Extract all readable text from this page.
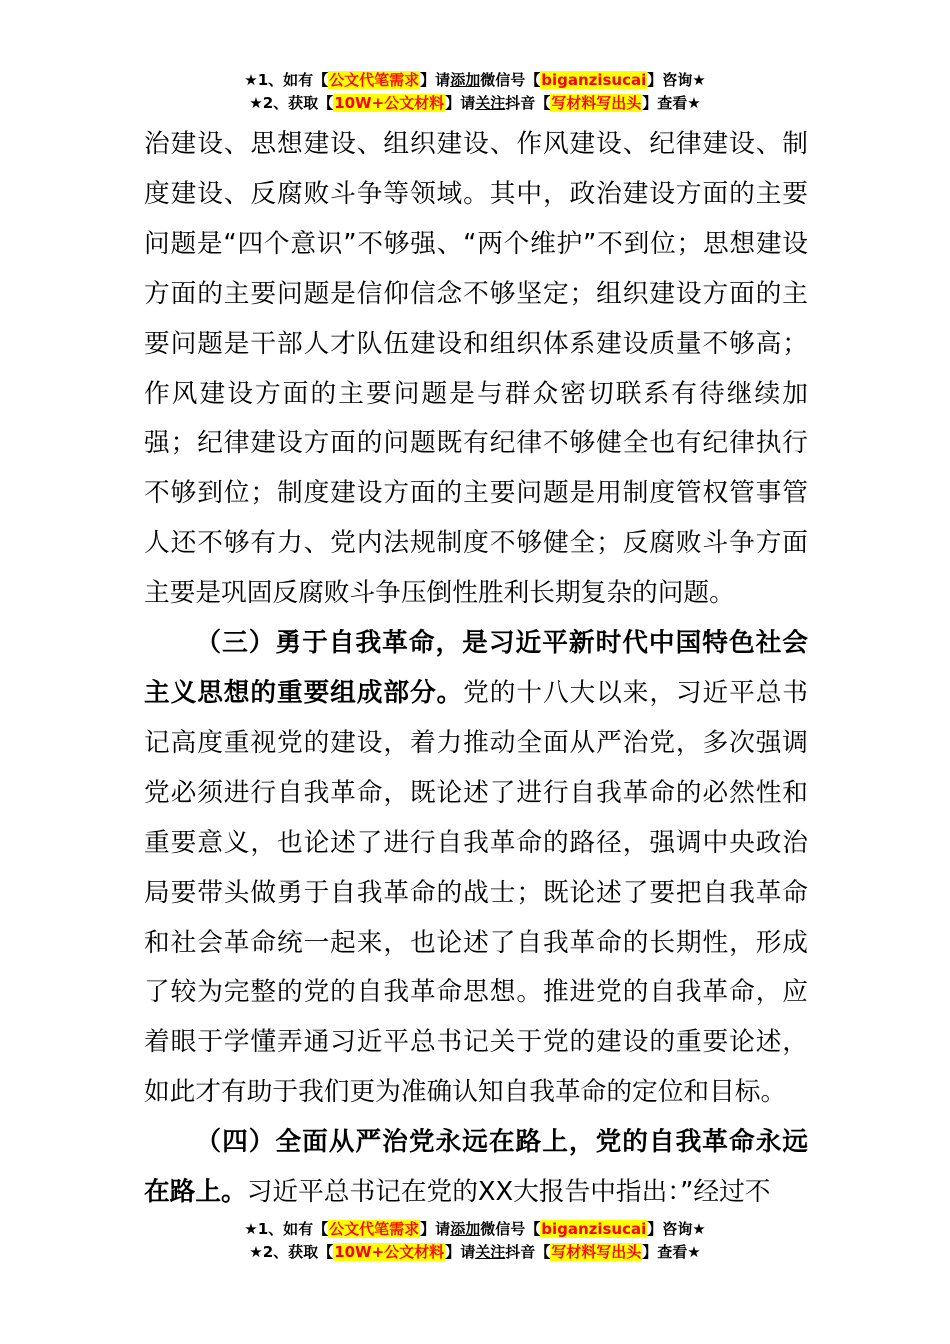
★1、如有【公文代笔需求】请添加微信号【biganzisucai】咨询★
★2、获取【10W+公文材料】请关注抖音【写材料写出头】查看★

治建设、思想建设、组织建设、作风建设、纪律建设、制度建设、反腐败斗争等领域。其中，政治建设方面的主要问题是“四个意识”不够强、“两个维护”不到位；思想建设方面的主要问题是信仰信念不够坚定；组织建设方面的主要问题是干部人才队伍建设和组织体系建设质量不够高；作风建设方面的主要问题是与群众密切联系有待继续加强；纪律建设方面的问题既有纪律不够健全也有纪律执行不够到位；制度建设方面的主要问题是用制度管权管事管人还不够有力、党内法规制度不够健全；反腐败斗争方面主要是巩固反腐败斗争压倒性胜利长期复杂的问题。

（三）勇于自我革命，是习近平新时代中国特色社会主义思想的重要组成部分。党的十八大以来，习近平总书记高度重视党的建设，着力推动全面从严治党，多次强调党必须进行自我革命，既论述了进行自我革命的必然性和重要意义，也论述了进行自我革命的路径，强调中央政治局要带头做勇于自我革命的战士；既论述了要把自我革命和社会革命统一起来，也论述了自我革命的长期性，形成了较为完整的党的自我革命思想。推进党的自我革命，应着眼于学懂弄通习近平总书记关于党的建设的重要论述，如此才有助于我们更为准确认知自我革命的定位和目标。

（四）全面从严治党永远在路上，党的自我革命永远在路上。习近平总书记在党的XX大报告中指出：”经过不

★1、如有【公文代笔需求】请添加微信号【biganzisucai】咨询★
★2、获取【10W+公文材料】请关注抖音【写材料写出头】查看★
